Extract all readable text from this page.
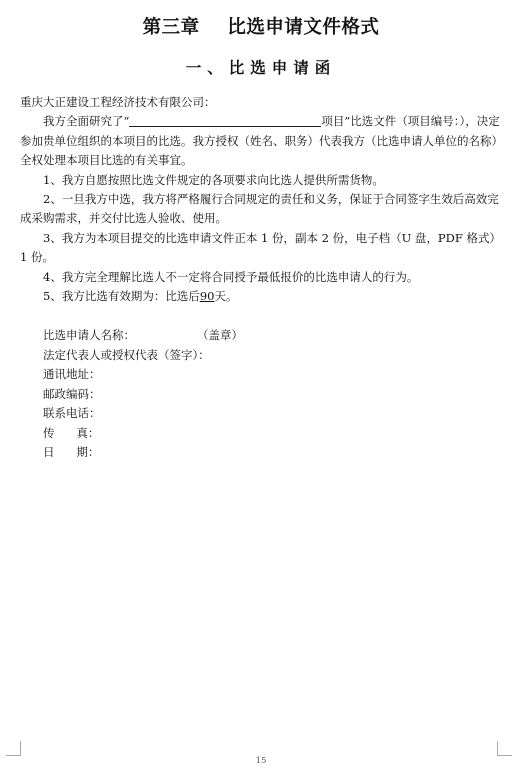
第三章    比选申请文件格式
一、比选申请函

重庆大正建设工程经济技术有限公司：

我方全面研究了“	项目”比选文件（项目编号：），决定参加贵单位组织的本项目的比选。我方授权（姓名、职务）代表我方（比选申请人单位的名称）全权处理本项目比选的有关事宜。

1、我方自愿按照比选文件规定的各项要求向比选人提供所需货物。

2、一旦我方中选，我方将严格履行合同规定的责任和义务，保证于合同签字生效后高效完成采购需求，并交付比选人验收、使用。

3、我方为本项目提交的比选申请文件正本 1 份，副本 2 份，电子档（U 盘，PDF 格式）1 份。

4、我方完全理解比选人不一定将合同授予最低报价的比选申请人的行为。

5、我方比选有效期为：比选后90天。

比选申请人名称：	（盖章）
法定代表人或授权代表（签字）：
通讯地址：
邮政编码：
联系电话：
传      真：
日      期：
15
